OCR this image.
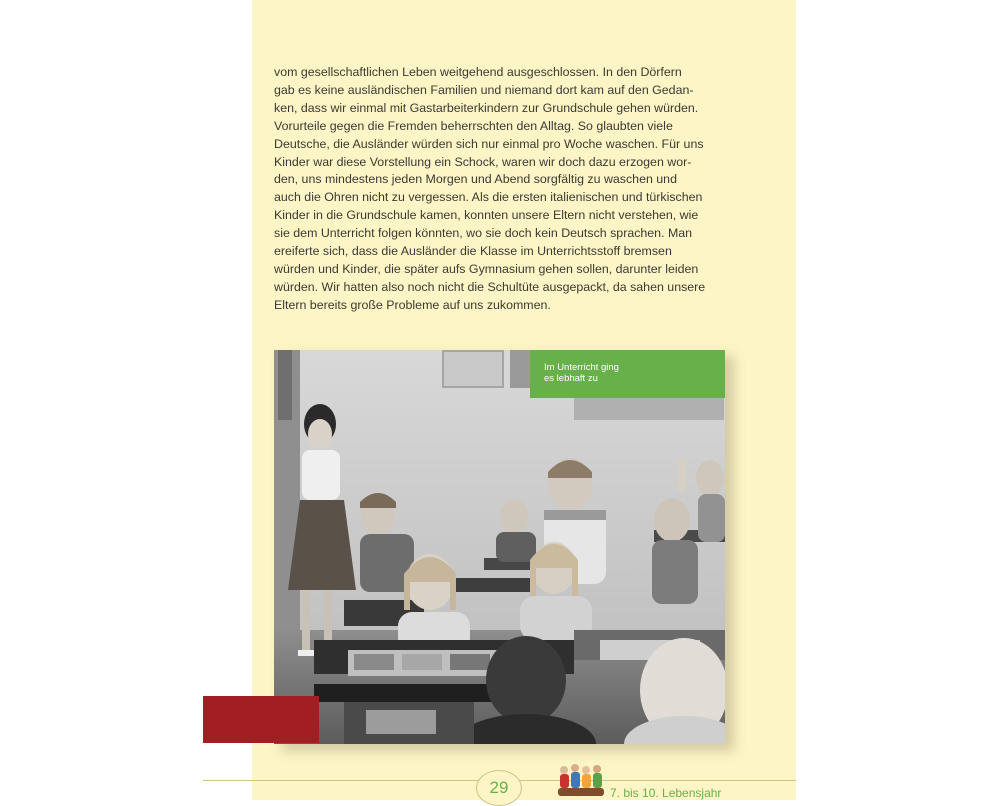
vom gesellschaftlichen Leben weitgehend ausgeschlossen. In den Dörfern
gab es keine ausländischen Familien und niemand dort kam auf den Gedan-
ken, dass wir einmal mit Gastarbeiterkindern zur Grundschule gehen würden.
Vorurteile gegen die Fremden beherrschten den Alltag. So glaubten viele
Deutsche, die Ausländer würden sich nur einmal pro Woche waschen. Für uns
Kinder war diese Vorstellung ein Schock, waren wir doch dazu erzogen wor-
den, uns mindestens jeden Morgen und Abend sorgfältig zu waschen und
auch die Ohren nicht zu vergessen. Als die ersten italienischen und türkischen
Kinder in die Grundschule kamen, konnten unsere Eltern nicht verstehen, wie
sie dem Unterricht folgen könnten, wo sie doch kein Deutsch sprachen. Man
ereiferte sich, dass die Ausländer die Klasse im Unterrichtsstoff bremsen
würden und Kinder, die später aufs Gymnasium gehen sollen, darunter leiden
würden. Wir hatten also noch nicht die Schultüte ausgepackt, da sahen unsere
Eltern bereits große Probleme auf uns zukommen.
Im Unterricht ging
es lebhaft zu
29	7. bis 10. Lebensjahr
